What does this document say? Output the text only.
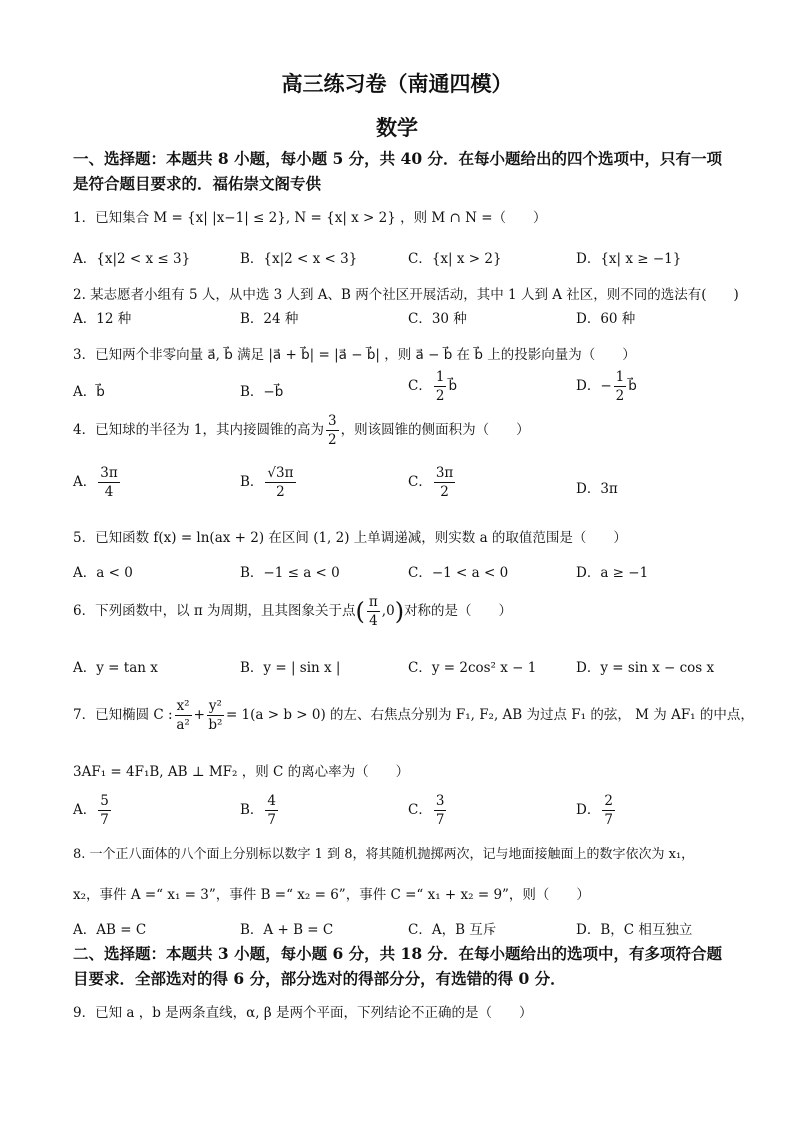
高三练习卷（南通四模）
数学
一、选择题：本题共 8 小题，每小题 5 分，共 40 分．在每小题给出的四个选项中，只有一项是符合题目要求的．福佑崇文阁专供
1．已知集合 M = {x| |x−1| ≤ 2}, N = {x| x > 2} ，则 M ∩ N =（　　）
A．{x|2 < x ≤ 3}	B．{x|2 < x < 3}	C．{x| x > 2}	D．{x| x ≥ −1}
2. 某志愿者小组有 5 人，从中选 3 人到 A、B 两个社区开展活动，其中 1 人到 A 社区，则不同的选法有(　　)
A．12 种	B．24 种	C．30 种	D．60 种
3．已知两个非零向量 a⃗, b⃗ 满足 |a⃗ + b⃗| = |a⃗ − b⃗| ，则 a⃗ − b⃗ 在 b⃗ 上的投影向量为（　　）
A．b⃗	B．−b⃗	C． $\frac{1}{2}$ b⃗	D．− $\frac{1}{2}$ b⃗
4．已知球的半径为 1，其内接圆锥的高为 $\frac{3}{2}$ ，则该圆锥的侧面积为（　　）
A． $\frac{3\pi}{4}$	B． $\frac{√3\pi}{2}$	C． $\frac{3\pi}{2}$	D．3π
5．已知函数 f(x) = ln(ax + 2) 在区间 (1, 2) 上单调递减，则实数 a 的取值范围是（　　）
A．a < 0	B．−1 ≤ a < 0	C．−1 < a < 0	D．a ≥ −1
6．下列函数中，以 π 为周期，且其图象关于点( $\frac{\pi}{4} ,0$)对称的是（　　）
A．y = tan x	B．y = | sin x |	C．y = 2cos² x − 1	D．y = sin x − cos x
7．已知椭圆 C : $\frac{\text{x²}}{\text{a²}} + \frac{\text{y²}}{\text{b²}} = 1(a > b > 0)$ 的左、右焦点分别为 F₁, F₂, AB 为过点 F₁ 的弦， M 为 AF₁ 的中点，
3AF₁ = 4F₁B, AB ⊥ MF₂ ，则 C 的离心率为（　　）
A． $\frac{5}{7}$	B． $\frac{4}{7}$	C． $\frac{3}{7}$	D． $\frac{2}{7}$
8. 一个正八面体的八个面上分别标以数字 1 到 8，将其随机抛掷两次，记与地面接触面上的数字依次为 x₁，
x₂，事件 A =“ x₁ = 3”，事件 B =“ x₂ = 6”，事件 C =“ x₁ + x₂ = 9”，则（　　）
A．AB = C	B．A + B = C	C．A，B 互斥	D．B，C 相互独立
二、选择题：本题共 3 小题，每小题 6 分，共 18 分．在每小题给出的选项中，有多项符合题目要求．全部选对的得 6 分，部分选对的得部分分，有选错的得 0 分．
9．已知 a ，b 是两条直线，α, β 是两个平面，下列结论不正确的是（　　）
